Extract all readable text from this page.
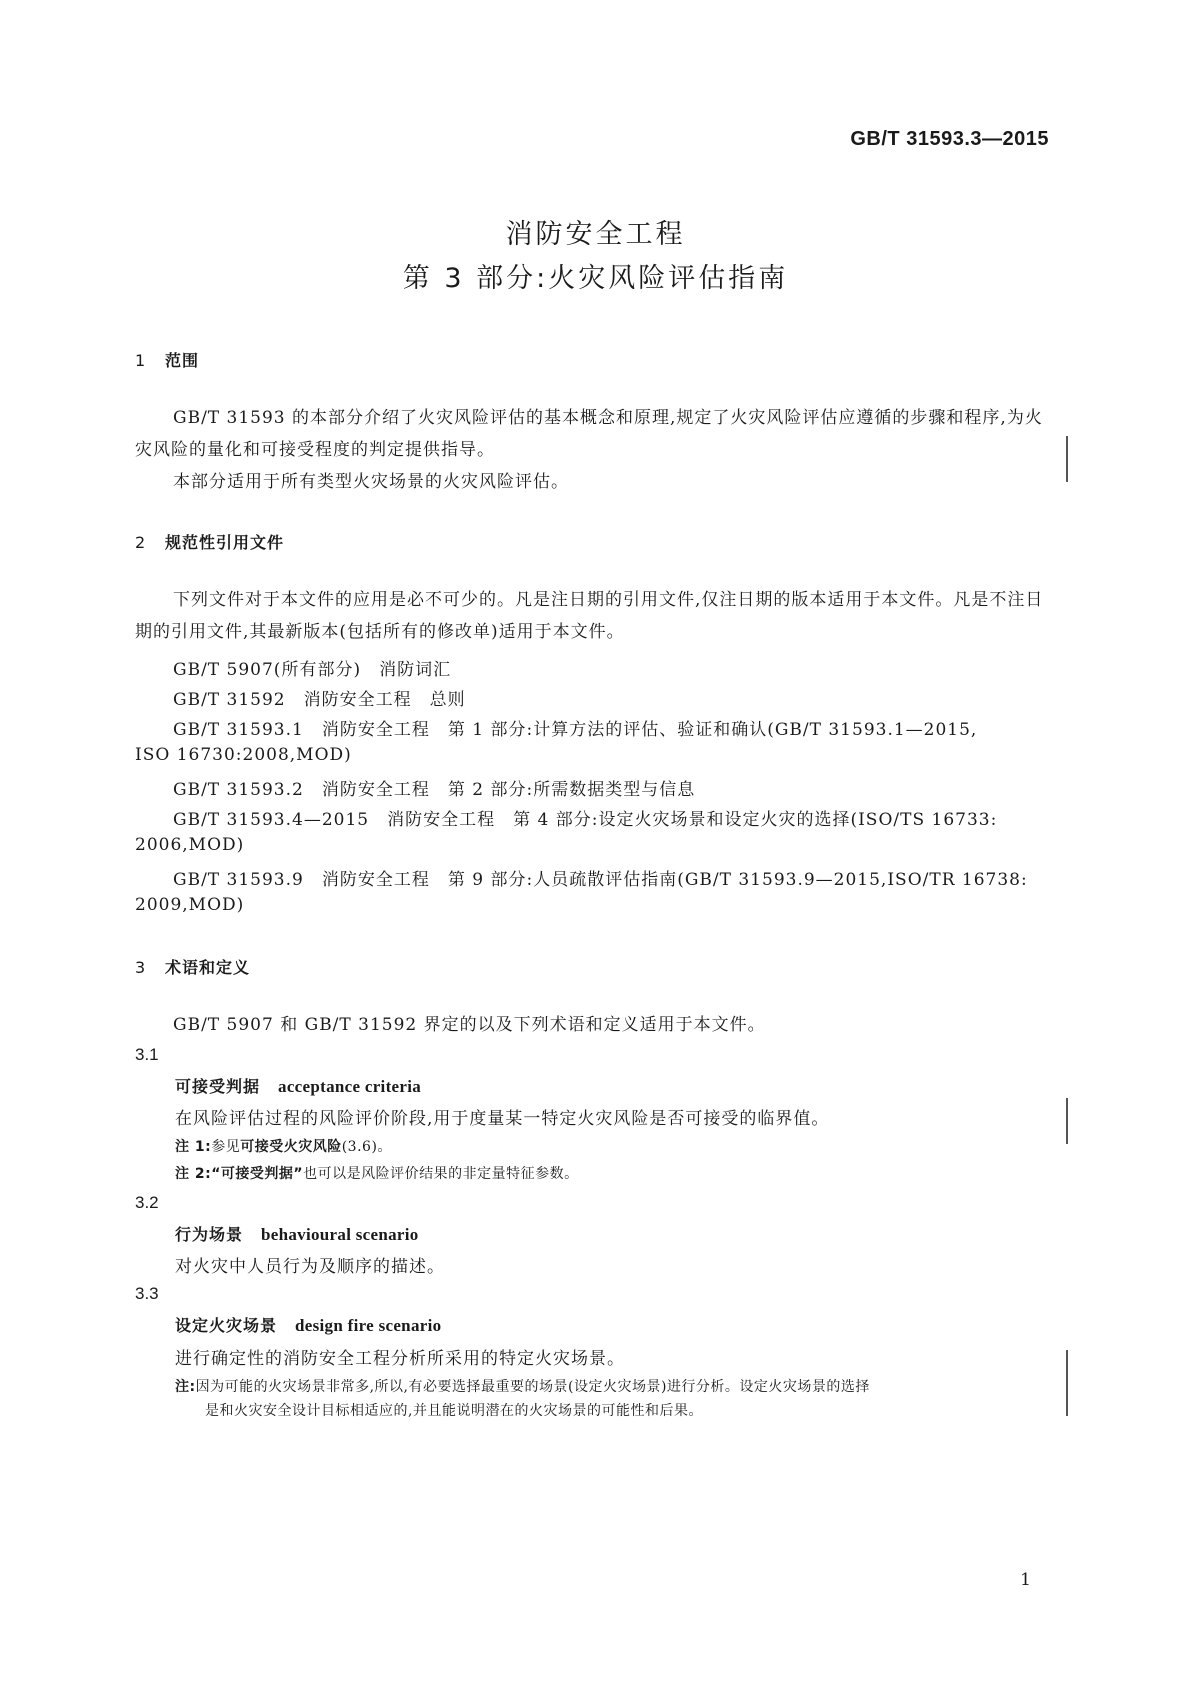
GB/T 31593.3—2015
消防安全工程
第 3 部分:火灾风险评估指南
1 范围
GB/T 31593 的本部分介绍了火灾风险评估的基本概念和原理,规定了火灾风险评估应遵循的步骤和程序,为火灾风险的量化和可接受程度的判定提供指导。
本部分适用于所有类型火灾场景的火灾风险评估。
2 规范性引用文件
下列文件对于本文件的应用是必不可少的。凡是注日期的引用文件,仅注日期的版本适用于本文件。凡是不注日期的引用文件,其最新版本(包括所有的修改单)适用于本文件。
GB/T 5907(所有部分)　消防词汇
GB/T 31592　消防安全工程　总则
GB/T 31593.1　消防安全工程　第 1 部分:计算方法的评估、验证和确认(GB/T 31593.1—2015,
ISO 16730:2008,MOD)
GB/T 31593.2　消防安全工程　第 2 部分:所需数据类型与信息
GB/T 31593.4—2015　消防安全工程　第 4 部分:设定火灾场景和设定火灾的选择(ISO/TS 16733:
2006,MOD)
GB/T 31593.9　消防安全工程　第 9 部分:人员疏散评估指南(GB/T 31593.9—2015,ISO/TR 16738:
2009,MOD)
3 术语和定义
GB/T 5907 和 GB/T 31592 界定的以及下列术语和定义适用于本文件。
3.1
可接受判据 acceptance criteria
在风险评估过程的风险评价阶段,用于度量某一特定火灾风险是否可接受的临界值。
注 1:参见可接受火灾风险(3.6)。
注 2:“可接受判据”也可以是风险评价结果的非定量特征参数。
3.2
行为场景 behavioural scenario
对火灾中人员行为及顺序的描述。
3.3
设定火灾场景 design fire scenario
进行确定性的消防安全工程分析所采用的特定火灾场景。
注:因为可能的火灾场景非常多,所以,有必要选择最重要的场景(设定火灾场景)进行分析。设定火灾场景的选择
是和火灾安全设计目标相适应的,并且能说明潜在的火灾场景的可能性和后果。
1
